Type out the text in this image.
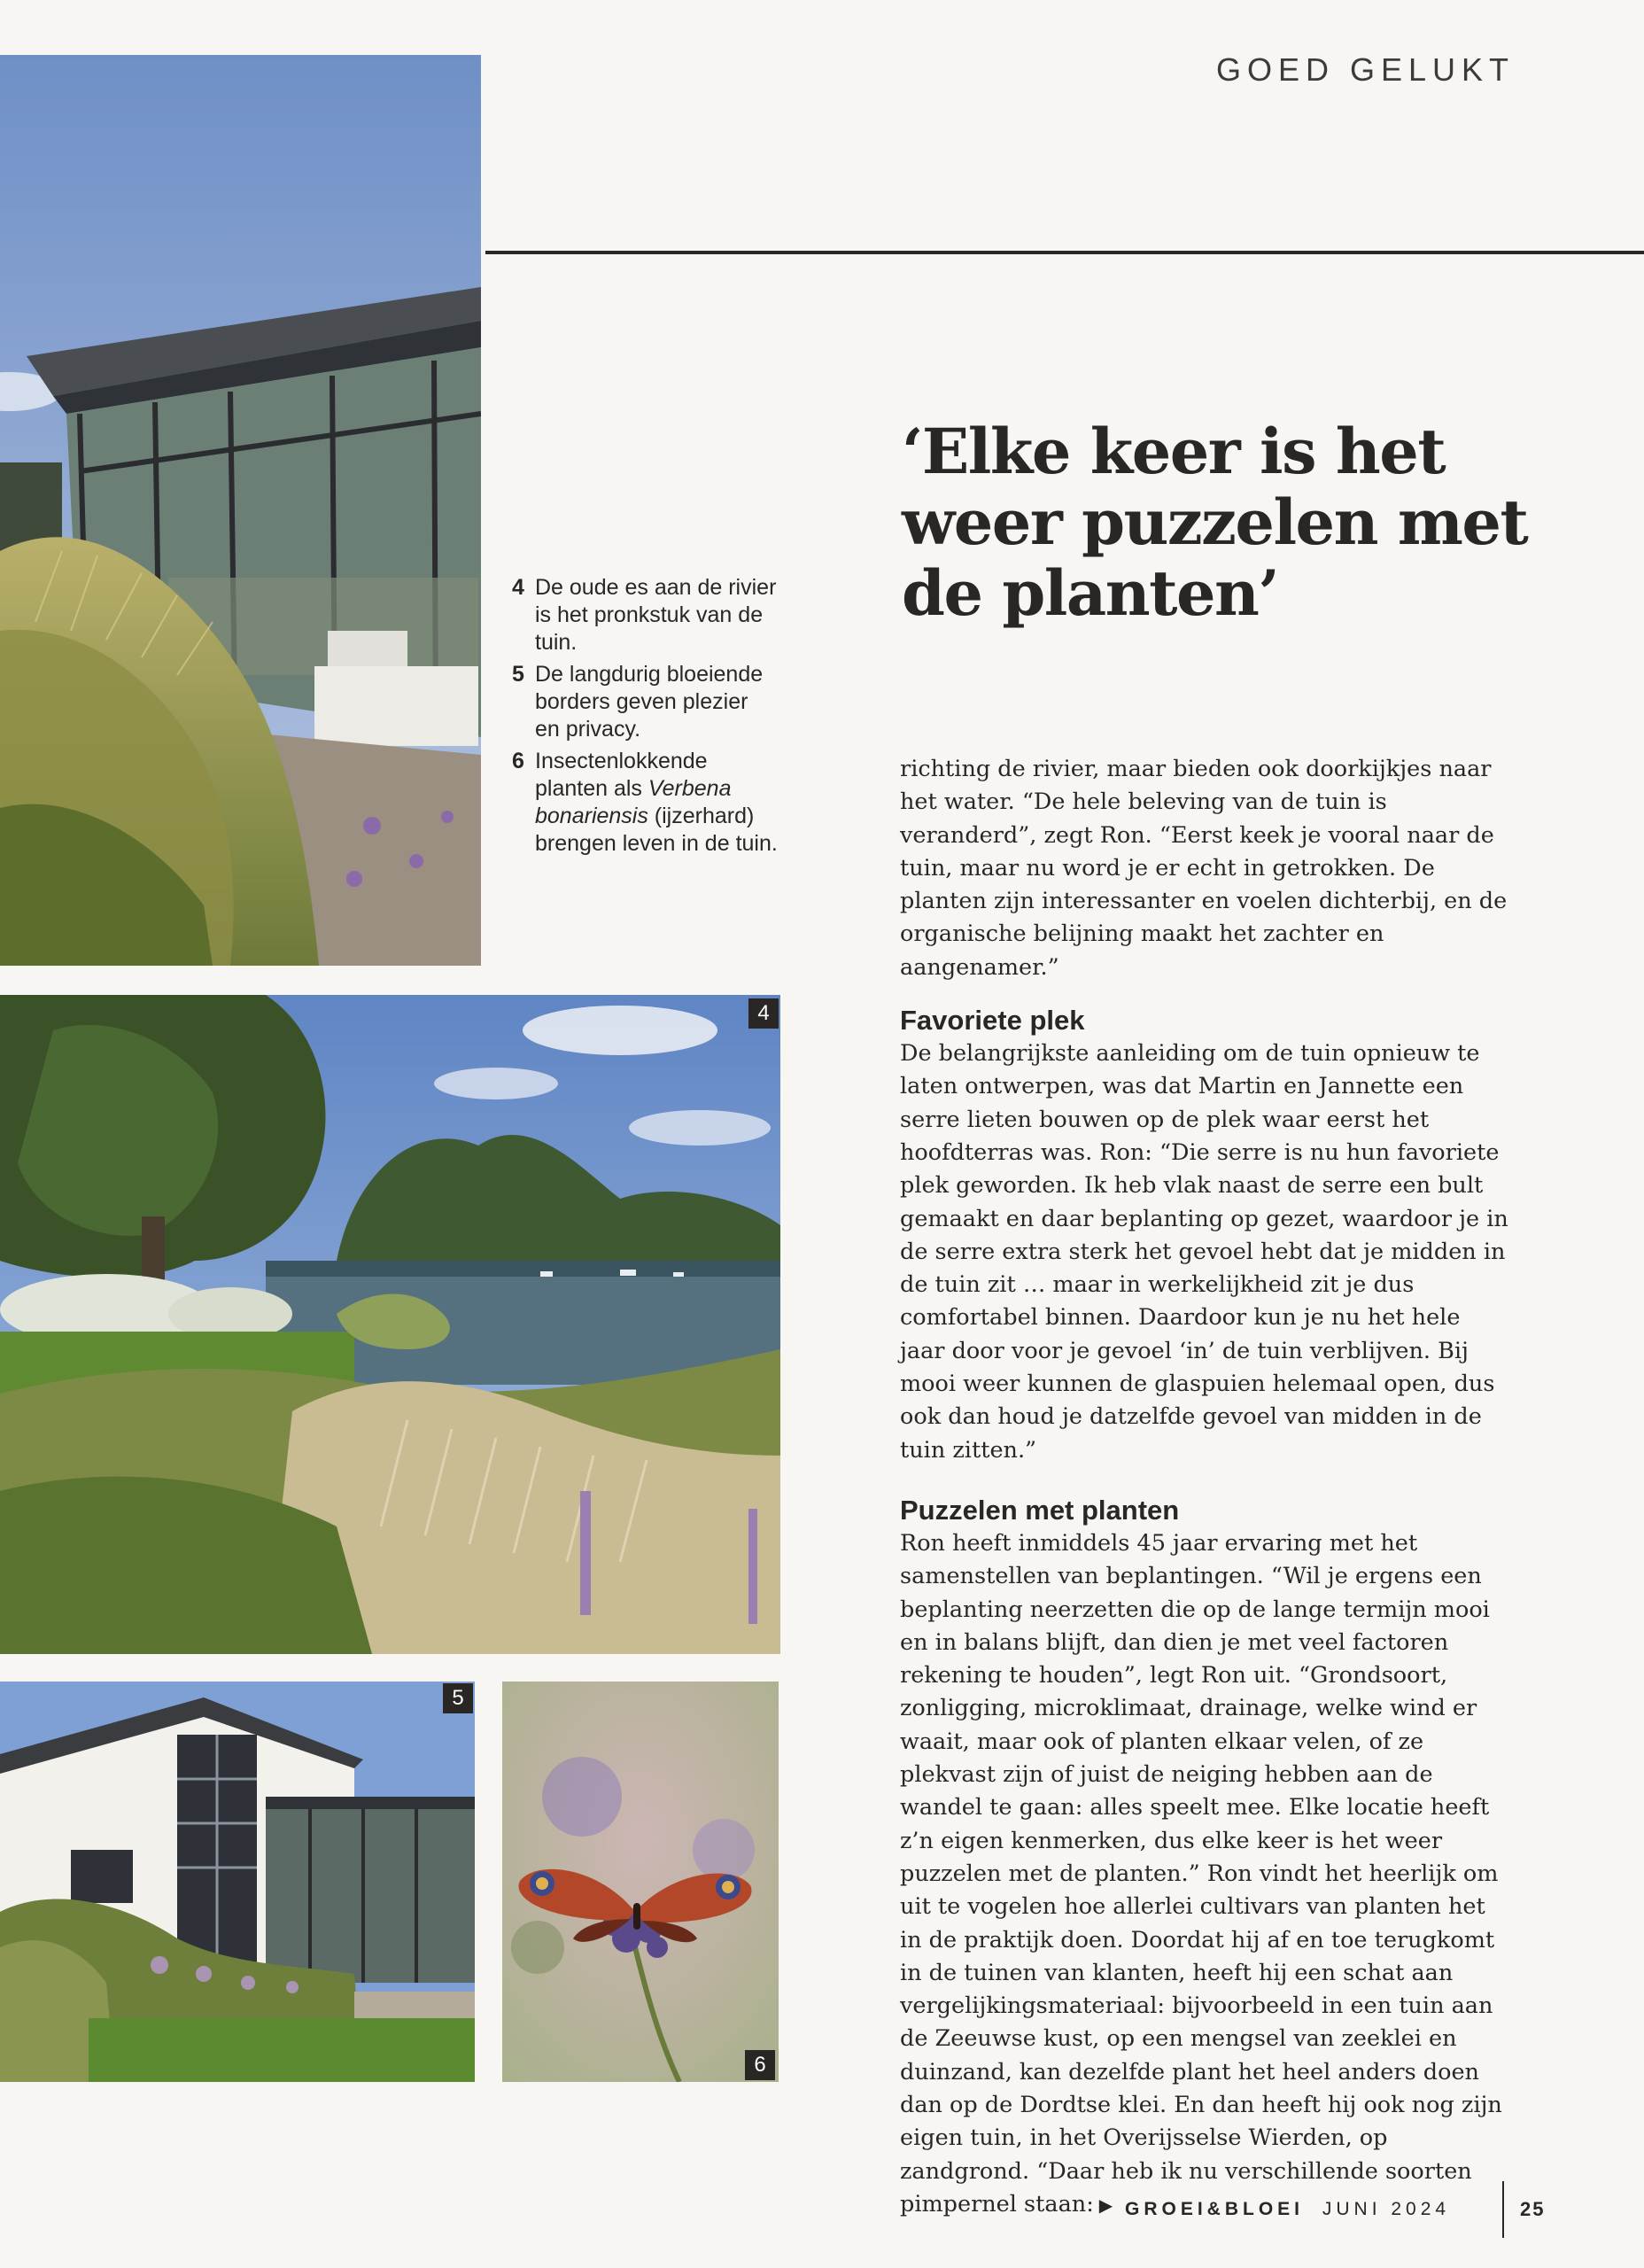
GOED GELUKT

4 De oude es aan de rivier is het pronkstuk van de tuin.

5 De langdurig bloeiende borders geven plezier en privacy.

6 Insectenlokkende planten als Verbena bonariensis (ijzerhard) brengen leven in de tuin.

‘Elke keer is het weer puzzelen met de planten’
4
5
6

richting de rivier, maar bieden ook doorkijkjes naar het water. “De hele beleving van de tuin is veranderd”, zegt Ron. “Eerst keek je vooral naar de tuin, maar nu word je er echt in getrokken. De planten zijn interessanter en voelen dichterbij, en de organische belijning maakt het zachter en aangenamer.”

Favoriete plek

De belangrijkste aanleiding om de tuin opnieuw te laten ontwerpen, was dat Martin en Jannette een serre lieten bouwen op de plek waar eerst het hoofdterras was. Ron: “Die serre is nu hun favoriete plek geworden. Ik heb vlak naast de serre een bult gemaakt en daar beplanting op gezet, waardoor je in de serre extra sterk het gevoel hebt dat je midden in de tuin zit … maar in werkelijkheid zit je dus comfortabel binnen. Daardoor kun je nu het hele jaar door voor je gevoel ‘in’ de tuin verblijven. Bij mooi weer kunnen de glaspuien helemaal open, dus ook dan houd je datzelfde gevoel van midden in de tuin zitten.”

Puzzelen met planten

Ron heeft inmiddels 45 jaar ervaring met het samenstellen van beplantingen. “Wil je ergens een beplanting neerzetten die op de lange termijn mooi en in balans blijft, dan dien je met veel factoren rekening te houden”, legt Ron uit. “Grondsoort, zonligging, microklimaat, drainage, welke wind er waait, maar ook of planten elkaar velen, of ze plekvast zijn of juist de neiging hebben aan de wandel te gaan: alles speelt mee. Elke locatie heeft z’n eigen kenmerken, dus elke keer is het weer puzzelen met de planten.” Ron vindt het heerlijk om uit te vogelen hoe allerlei cultivars van planten het in de praktijk doen. Doordat hij af en toe terugkomt in de tuinen van klanten, heeft hij een schat aan vergelijkingsmateriaal: bijvoorbeeld in een tuin aan de Zeeuwse kust, op een mengsel van zeeklei en duinzand, kan dezelfde plant het heel anders doen dan op de Dordtse klei. En dan heeft hij ook nog zijn eigen tuin, in het Overijsselse Wierden, op zandgrond. “Daar heb ik nu verschillende soorten pimpernel staan: ▶ GROEI&BLOEI JUNI 2024	25
